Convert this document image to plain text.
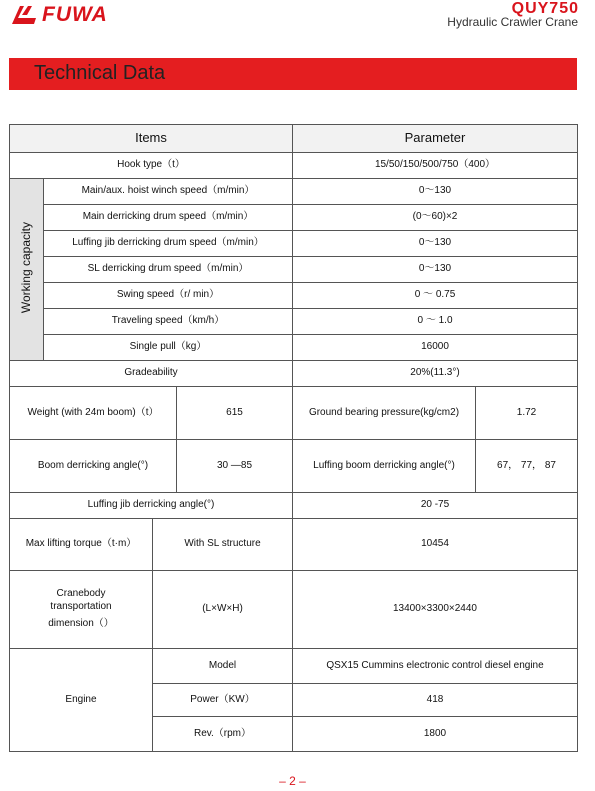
FUWA	QUY750
Hydraulic Crawler Crane
Technical Data
Items				Parameter	
Hook type（t）				15/50/150/500/750（400）	
Working capacity	Main/aux. hoist winch speed（m/min）			0～130	
	Main derricking drum speed（m/min）			(0～60)×2	
	Luffing jib derricking drum speed（m/min）			0～130	
	SL derricking drum speed（m/min）			0～130	
	Swing speed（r/ min）			0 ～ 0.75	
	Traveling speed（km/h）			0 ～ 1.0	
	Single pull（kg）			16000	
Gradeability				20%(11.3°)	
Weight (with 24m boom)（t）			615	Ground bearing pressure(kg/cm2)	1.72
Boom derricking angle(°)			30 —85	Luffing boom derricking angle(°)	67， 77， 87
Luffing jib derricking angle(°)				20 -75	
Max lifting torque（t·m）		With SL structure		10454	

Cranebody
transportation
dimension（）		(L×W×H)		13400×3300×2440	
Engine		Model		QSX15 Cummins electronic control diesel engine	
		Power（KW）		418	
		Rev.（rpm）		1800	
– 2 –
